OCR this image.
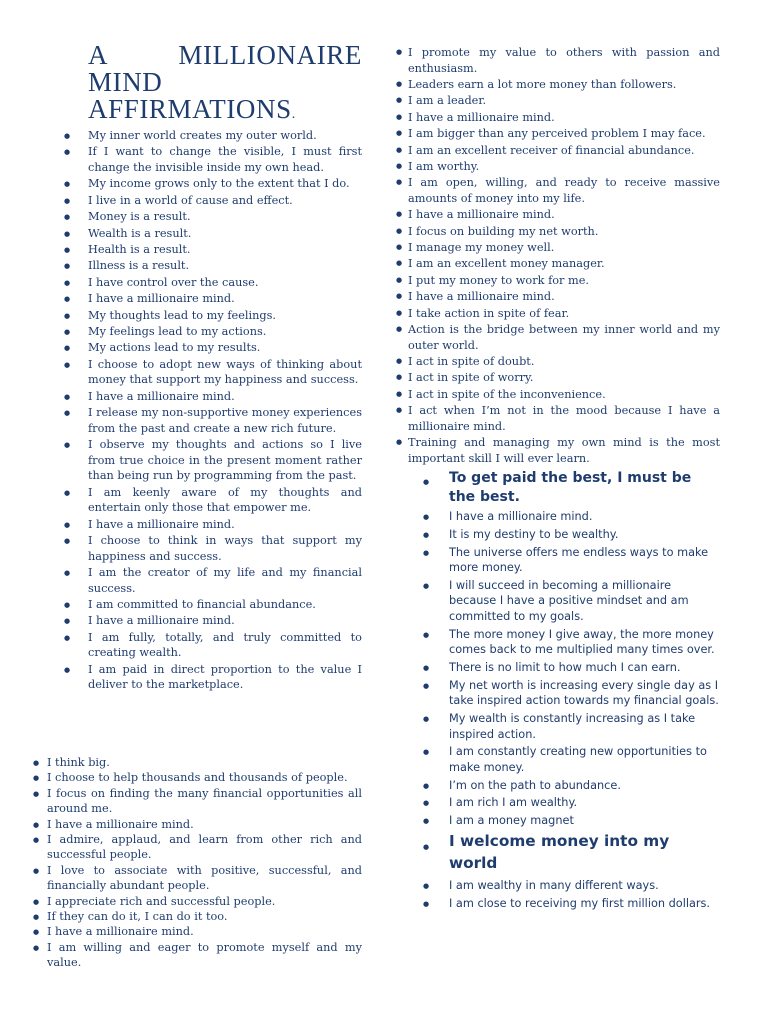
A	MILLIONAIRE
MIND
AFFIRMATIONS.
● My inner world creates my outer world.
● If I want to change the visible, I must first change the invisible inside my own head.
● My income grows only to the extent that I do.
● I live in a world of cause and effect.
● Money is a result.
● Wealth is a result.
● Health is a result.
● Illness is a result.
● I have control over the cause.
● I have a millionaire mind.
● My thoughts lead to my feelings.
● My feelings lead to my actions.
● My actions lead to my results.
● I choose to adopt new ways of thinking about money that support my happiness and success.
● I have a millionaire mind.
● I release my non-supportive money experiences from the past and create a new rich future.
● I observe my thoughts and actions so I live from true choice in the present moment rather than being run by programming from the past.
● I am keenly aware of my thoughts and entertain only those that empower me.
● I have a millionaire mind.
● I choose to think in ways that support my happiness and success.
● I am the creator of my life and my financial success.
● I am committed to financial abundance.
● I have a millionaire mind.
● I am fully, totally, and truly committed to creating wealth.
● I am paid in direct proportion to the value I deliver to the marketplace.
● I think big.
● I choose to help thousands and thousands of people.
● I focus on finding the many financial opportunities all around me.
● I have a millionaire mind.
● I admire, applaud, and learn from other rich and successful people.
● I love to associate with positive, successful, and financially abundant people.
● I appreciate rich and successful people.
● If they can do it, I can do it too.
● I have a millionaire mind.
● I am willing and eager to promote myself and my value.
● I promote my value to others with passion and enthusiasm.
● Leaders earn a lot more money than followers.
● I am a leader.
● I have a millionaire mind.
● I am bigger than any perceived problem I may face.
● I am an excellent receiver of financial abundance.
● I am worthy.
● I am open, willing, and ready to receive massive amounts of money into my life.
● I have a millionaire mind.
● I focus on building my net worth.
● I manage my money well.
● I am an excellent money manager.
● I put my money to work for me.
● I have a millionaire mind.
● I take action in spite of fear.
● Action is the bridge between my inner world and my outer world.
● I act in spite of doubt.
● I act in spite of worry.
● I act in spite of the inconvenience.
● I act when I’m not in the mood because I have a millionaire mind.
● Training and managing my own mind is the most important skill I will ever learn.
● To get paid the best, I must be the best.
● I have a millionaire mind.
● It is my destiny to be wealthy.
● The universe offers me endless ways to make more money.
● I will succeed in becoming a millionaire because I have a positive mindset and am committed to my goals.
● The more money I give away, the more money comes back to me multiplied many times over.
● There is no limit to how much I can earn.
● My net worth is increasing every single day as I take inspired action towards my financial goals.
● My wealth is constantly increasing as I take inspired action.
● I am constantly creating new opportunities to make money.
● I’m on the path to abundance.
● I am rich I am wealthy.
● I am a money magnet
● I welcome money into my world
● I am wealthy in many different ways.
● I am close to receiving my first million dollars.
